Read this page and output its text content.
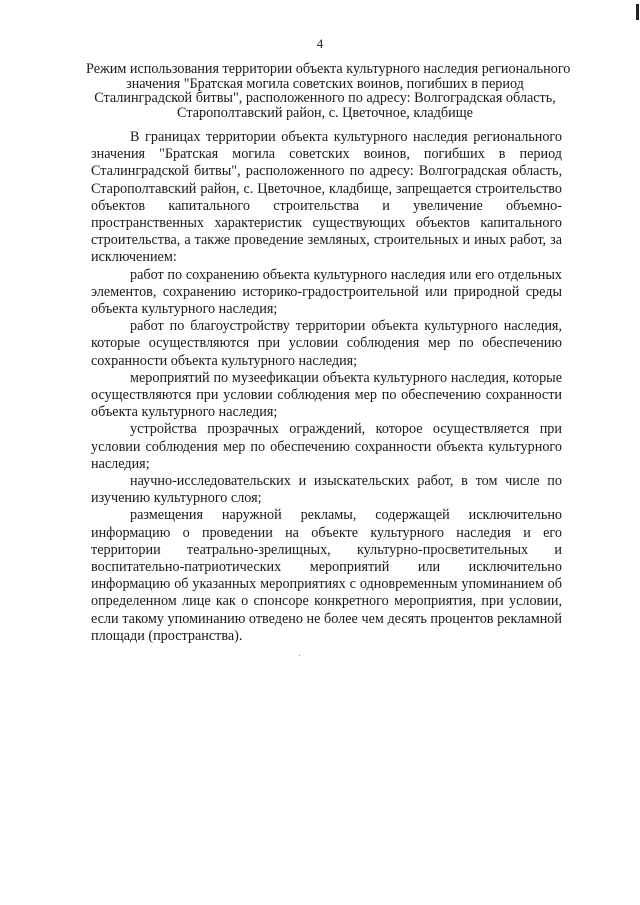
4
Режим использования территории объекта культурного наследия регионального
значения "Братская могила советских воинов, погибших в период
Сталинградской битвы", расположенного по адресу: Волгоградская область,
Старополтавский район, с. Цветочное, кладбище

В границах территории объекта культурного наследия регионального значения "Братская могила советских воинов, погибших в период Сталинградской битвы", расположенного по адресу: Волгоградская область, Старополтавский район, с. Цветочное, кладбище, запрещается строительство объектов капитального строительства и увеличение объемно-пространственных характеристик существующих объектов капитального строительства, а также проведение земляных, строительных и иных работ, за исключением:

работ по сохранению объекта культурного наследия или его отдельных элементов, сохранению историко-градостроительной или природной среды объекта культурного наследия;

работ по благоустройству территории объекта культурного наследия, которые осуществляются при условии соблюдения мер по обеспечению сохранности объекта культурного наследия;

мероприятий по музеефикации объекта культурного наследия, которые осуществляются при условии соблюдения мер по обеспечению сохранности объекта культурного наследия;

устройства прозрачных ограждений, которое осуществляется при условии соблюдения мер по обеспечению сохранности объекта культурного наследия;

научно-исследовательских и изыскательских работ, в том числе по изучению культурного слоя;

размещения наружной рекламы, содержащей исключительно информацию о проведении на объекте культурного наследия и его территории театрально-зрелищных, культурно-просветительных и воспитательно-патриотических мероприятий или исключительно информацию об указанных мероприятиях с одновременным упоминанием об определенном лице как о спонсоре конкретного мероприятия, при условии, если такому упоминанию отведено не более чем десять процентов рекламной площади (пространства).
